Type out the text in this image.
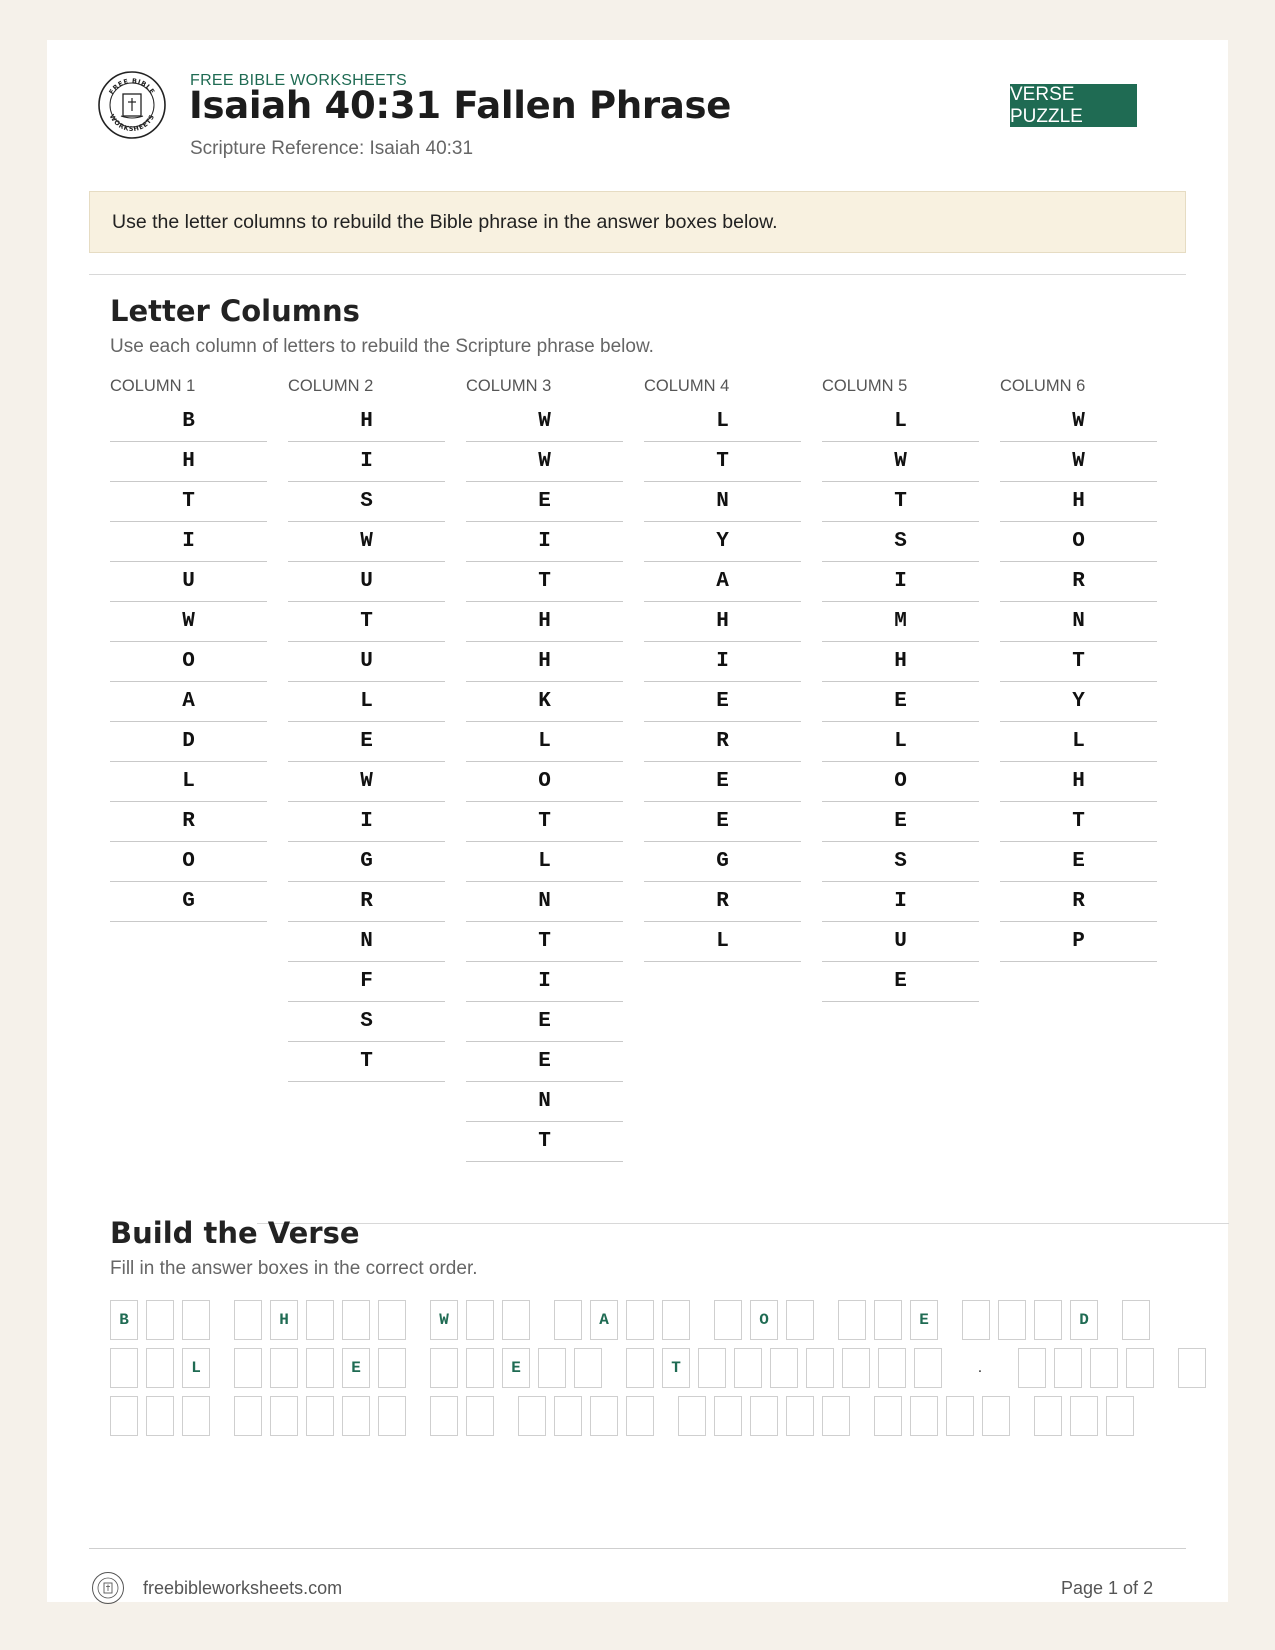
FREE BIBLE
WORKSHEETS
FREE BIBLE WORKSHEETS
Isaiah 40:31 Fallen Phrase
Scripture Reference: Isaiah 40:31
VERSE PUZZLE
Use the letter columns to rebuild the Bible phrase in the answer boxes below.
Letter Columns
Use each column of letters to rebuild the Scripture phrase below.
COLUMN 1
B
H
T
I
U
W
O
A
D
L
R
O
G
COLUMN 2
H
I
S
W
U
T
U
L
E
W
I
G
R
N
F
S
T
COLUMN 3
W
W
E
I
T
H
H
K
L
O
T
L
N
T
I
E
E
N
T
COLUMN 4
L
T
N
Y
A
H
I
E
R
E
E
G
R
L
COLUMN 5
L
W
T
S
I
M
H
E
L
O
E
S
I
U
E
COLUMN 6
W
W
H
O
R
N
T
Y
L
H
T
E
R
P
Build the Verse
Fill in the answer boxes in the correct order.
B	H	W	A	O	E	D
L	E	E	T	.
freebibleworksheets.com	Page 1 of 2
